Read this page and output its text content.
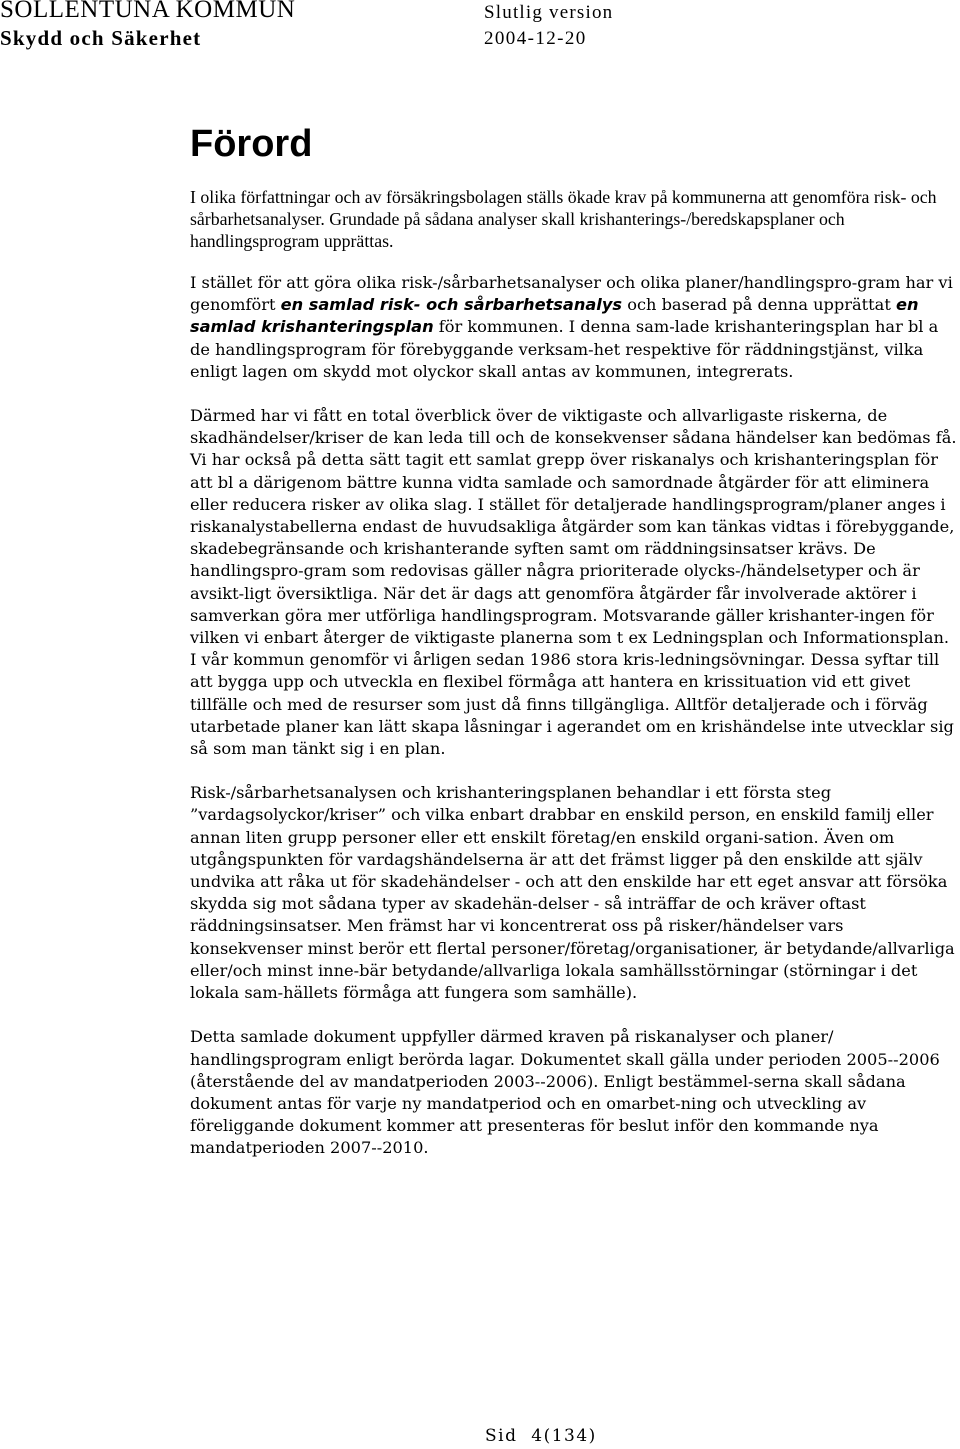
SOLLENTUNA KOMMUN
Skydd och Säkerhet
Slutlig version
2004-12-20
Förord

I olika författningar och av försäkringsbolagen ställs ökade krav på kommunerna att genomföra risk- och sårbarhetsanalyser. Grundade på sådana analyser skall krishanterings-/beredskapsplaner och handlingsprogram upprättas.

I stället för att göra olika risk-/sårbarhetsanalyser och olika planer/handlingspro-gram har vi genomfört en samlad risk- och sårbarhetsanalys och baserad på denna upprättat en samlad krishanteringsplan för kommunen. I denna sam-lade krishanteringsplan har bl a de handlingsprogram för förebyggande verksam-het respektive för räddningstjänst, vilka enligt lagen om skydd mot olyckor skall antas av kommunen, integrerats.

Därmed har vi fått en total överblick över de viktigaste och allvarligaste riskerna, de skadhändelser/kriser de kan leda till och de konsekvenser sådana händelser kan bedömas få. Vi har också på detta sätt tagit ett samlat grepp över riskanalys och krishanteringsplan för att bl a därigenom bättre kunna vidta samlade och samordnade åtgärder för att eliminera eller reducera risker av olika slag. I stället för detaljerade handlingsprogram/planer anges i riskanalystabellerna endast de huvudsakliga åtgärder som kan tänkas vidtas i förebyggande, skadebegränsande och krishanterande syften samt om räddningsinsatser krävs. De handlingspro-gram som redovisas gäller några prioriterade olycks-/händelsetyper och är avsikt-ligt översiktliga. När det är dags att genomföra åtgärder får involverade aktörer i samverkan göra mer utförliga handlingsprogram. Motsvarande gäller krishanter-ingen för vilken vi enbart återger de viktigaste planerna som t ex Ledningsplan och Informationsplan. I vår kommun genomför vi årligen sedan 1986 stora kris-ledningsövningar. Dessa syftar till att bygga upp och utveckla en flexibel förmåga att hantera en krissituation vid ett givet tillfälle och med de resurser som just då finns tillgängliga. Alltför detaljerade och i förväg utarbetade planer kan lätt skapa låsningar i agerandet om en krishändelse inte utvecklar sig så som man tänkt sig i en plan.

Risk-/sårbarhetsanalysen och krishanteringsplanen behandlar i ett första steg ”vardagsolyckor/kriser” och vilka enbart drabbar en enskild person, en enskild familj eller annan liten grupp personer eller ett enskilt företag/en enskild organi-sation. Även om utgångspunkten för vardagshändelserna är att det främst ligger på den enskilde att själv undvika att råka ut för skadehändelser - och att den enskilde har ett eget ansvar att försöka skydda sig mot sådana typer av skadehän-delser - så inträffar de och kräver oftast räddningsinsatser. Men främst har vi koncentrerat oss på risker/händelser vars konsekvenser minst berör ett flertal personer/företag/organisationer, är betydande/allvarliga eller/och minst inne-bär betydande/allvarliga lokala samhällsstörningar (störningar i det lokala sam-hällets förmåga att fungera som samhälle).

Detta samlade dokument uppfyller därmed kraven på riskanalyser och planer/ handlingsprogram enligt berörda lagar. Dokumentet skall gälla under perioden 2005--2006 (återstående del av mandatperioden 2003--2006). Enligt bestämmel-serna skall sådana dokument antas för varje ny mandatperiod och en omarbet-ning och utveckling av föreliggande dokument kommer att presenteras för beslut inför den kommande nya mandatperioden 2007--2010.

Sid 4(134)
